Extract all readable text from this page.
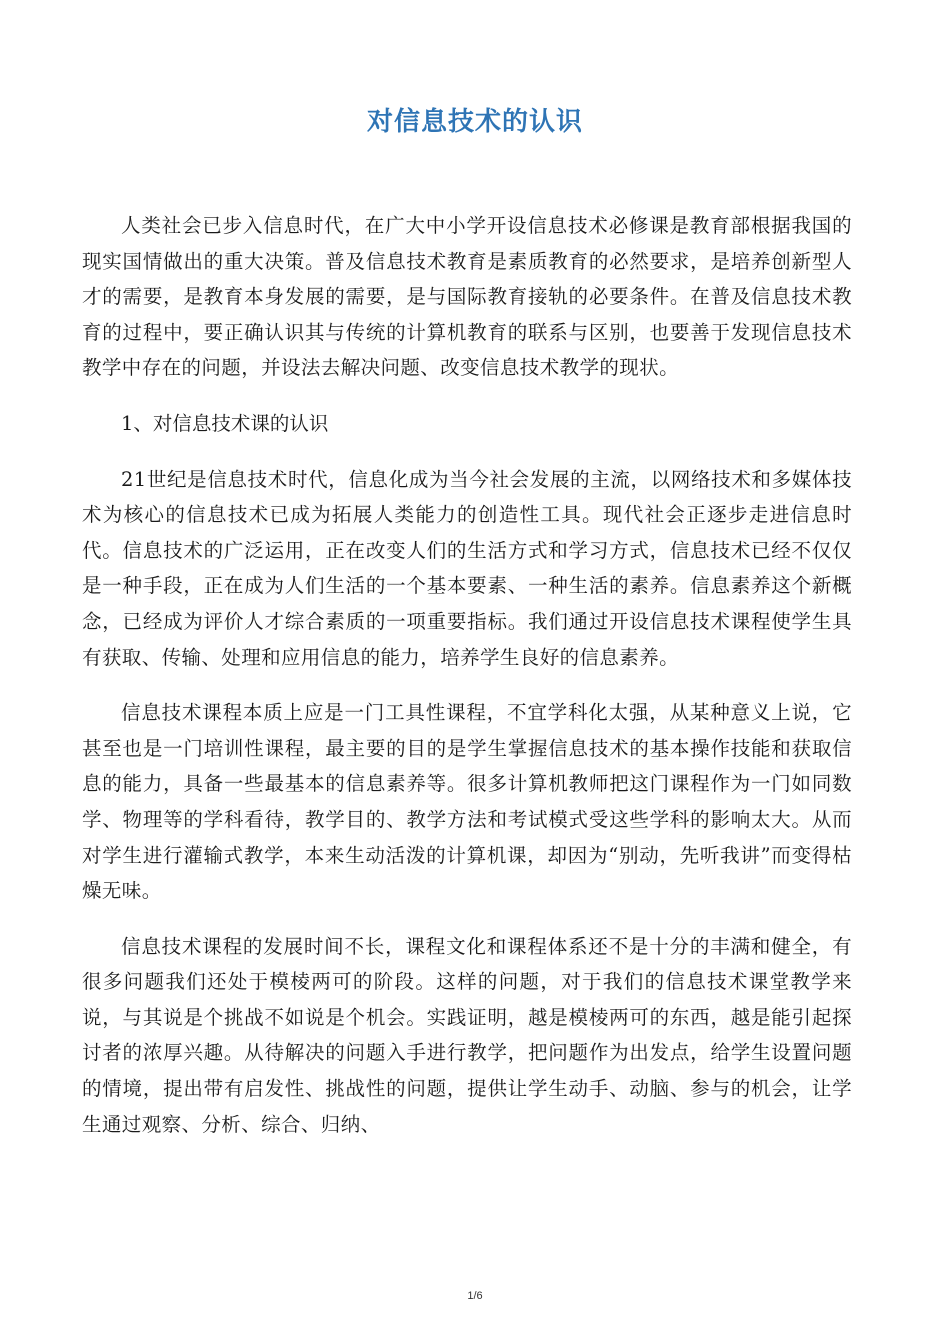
对信息技术的认识

人类社会已步入信息时代，在广大中小学开设信息技术必修课是教育部根据我国的现实国情做出的重大决策。普及信息技术教育是素质教育的必然要求，是培养创新型人才的需要，是教育本身发展的需要，是与国际教育接轨的必要条件。在普及信息技术教育的过程中，要正确认识其与传统的计算机教育的联系与区别，也要善于发现信息技术教学中存在的问题，并设法去解决问题、改变信息技术教学的现状。

1、对信息技术课的认识

21世纪是信息技术时代，信息化成为当今社会发展的主流，以网络技术和多媒体技术为核心的信息技术已成为拓展人类能力的创造性工具。现代社会正逐步走进信息时代。信息技术的广泛运用，正在改变人们的生活方式和学习方式，信息技术已经不仅仅是一种手段，正在成为人们生活的一个基本要素、一种生活的素养。信息素养这个新概念，已经成为评价人才综合素质的一项重要指标。我们通过开设信息技术课程使学生具有获取、传输、处理和应用信息的能力，培养学生良好的信息素养。

信息技术课程本质上应是一门工具性课程，不宜学科化太强，从某种意义上说，它甚至也是一门培训性课程，最主要的目的是学生掌握信息技术的基本操作技能和获取信息的能力，具备一些最基本的信息素养等。很多计算机教师把这门课程作为一门如同数学、物理等的学科看待，教学目的、教学方法和考试模式受这些学科的影响太大。从而对学生进行灌输式教学，本来生动活泼的计算机课，却因为“别动，先听我讲”而变得枯燥无味。

信息技术课程的发展时间不长，课程文化和课程体系还不是十分的丰满和健全，有很多问题我们还处于模棱两可的阶段。这样的问题，对于我们的信息技术课堂教学来说，与其说是个挑战不如说是个机会。实践证明，越是模棱两可的东西，越是能引起探讨者的浓厚兴趣。从待解决的问题入手进行教学，把问题作为出发点，给学生设置问题的情境，提出带有启发性、挑战性的问题，提供让学生动手、动脑、参与的机会，让学生通过观察、分析、综合、归纳、

1/6
